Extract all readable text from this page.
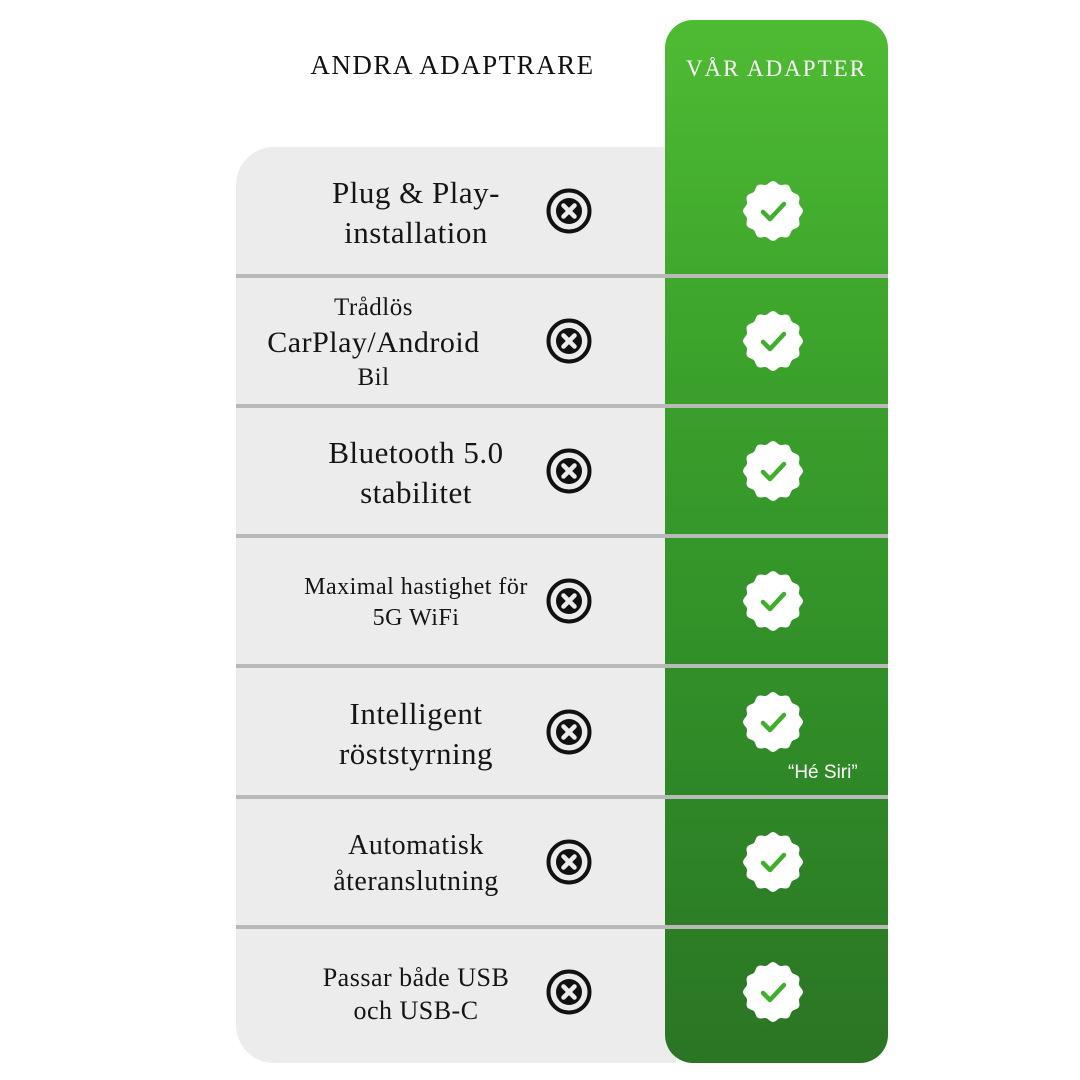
ANDRA ADAPTRARE	VÅR ADAPTER
Plug & Play-
installation
Trådlös
CarPlay/Android
Bil
Bluetooth 5.0
stabilitet
Maximal hastighet för
5G WiFi
Intelligent
röststyrning
“Hé Siri”
Automatisk
återanslutning
Passar både USB
och USB-C
